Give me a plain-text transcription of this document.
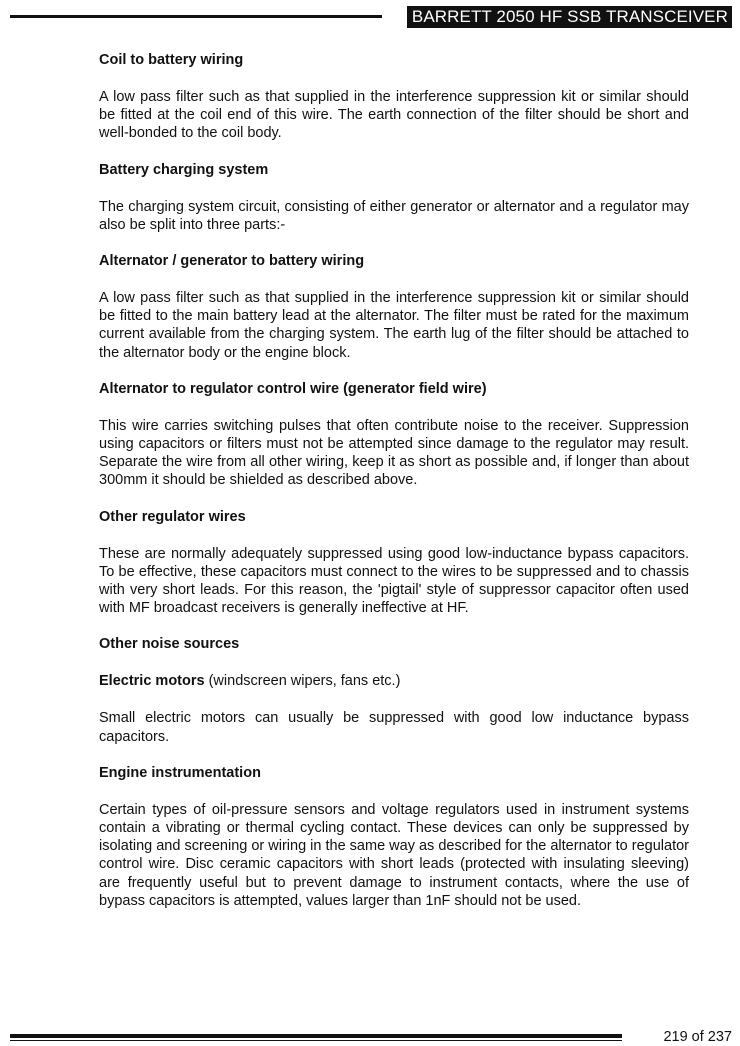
BARRETT 2050 HF SSB TRANSCEIVER
Coil to battery wiring
A low pass filter such as that supplied in the interference suppression kit or similar should be fitted at the coil end of this wire. The earth connection of the filter should be short and well-bonded to the coil body.
Battery charging system
The charging system circuit, consisting of either generator or alternator and a regulator may also be split into three parts:-
Alternator / generator to battery wiring
A low pass filter such as that supplied in the interference suppression kit or similar should be fitted to the main battery lead at the alternator. The filter must be rated for the maximum current available from the charging system. The earth lug of the filter should be attached to the alternator body or the engine block.
Alternator to regulator control wire (generator field wire)
This wire carries switching pulses that often contribute noise to the receiver. Suppression using capacitors or filters must not be attempted since damage to the regulator may result. Separate the wire from all other wiring, keep it as short as possible and, if longer than about 300mm it should be shielded as described above.
Other regulator wires
These are normally adequately suppressed using good low-inductance bypass capacitors. To be effective, these capacitors must connect to the wires to be suppressed and to chassis with very short leads. For this reason, the 'pigtail' style of suppressor capacitor often used with MF broadcast receivers is generally ineffective at HF.
Other noise sources
Electric motors (windscreen wipers, fans etc.)
Small electric motors can usually be suppressed with good low inductance bypass capacitors.
Engine instrumentation
Certain types of oil-pressure sensors and voltage regulators used in instrument systems contain a vibrating or thermal cycling contact. These devices can only be suppressed by isolating and screening or wiring in the same way as described for the alternator to regulator control wire. Disc ceramic capacitors with short leads (protected with insulating sleeving) are frequently useful but to prevent damage to instrument contacts, where the use of bypass capacitors is attempted, values larger than 1nF should not be used.
219 of 237
